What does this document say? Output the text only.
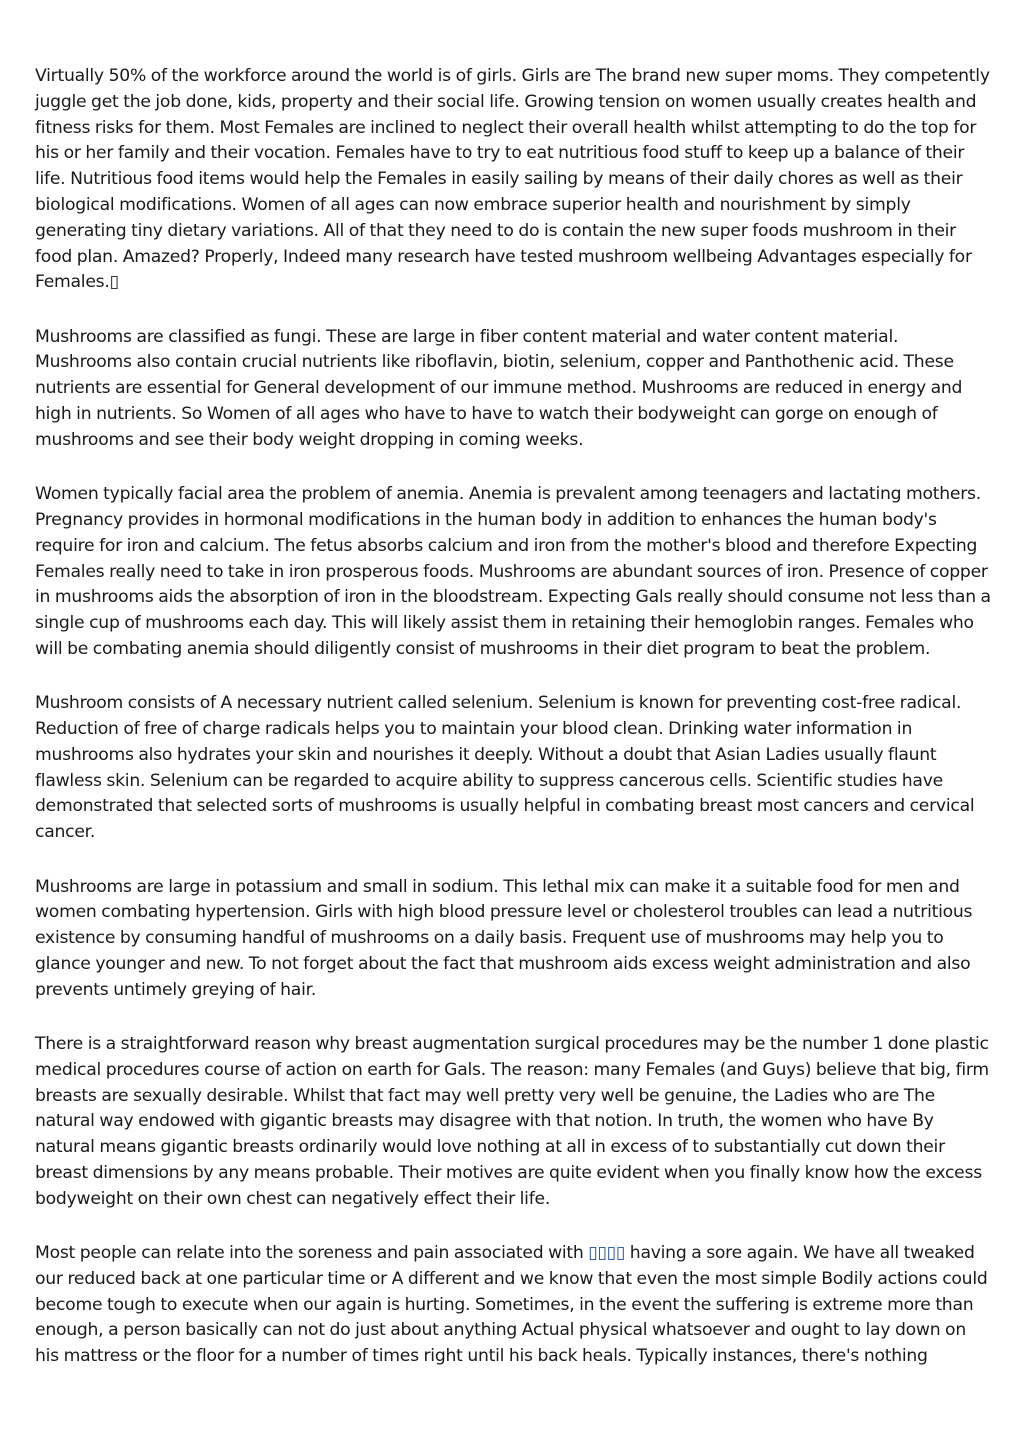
Virtually 50% of the workforce around the world is of girls. Girls are The brand new super moms. They competently juggle get the job done, kids, property and their social life. Growing tension on women usually creates health and fitness risks for them. Most Females are inclined to neglect their overall health whilst attempting to do the top for his or her family and their vocation. Females have to try to eat nutritious food stuff to keep up a balance of their life. Nutritious food items would help the Females in easily sailing by means of their daily chores as well as their biological modifications. Women of all ages can now embrace superior health and nourishment by simply generating tiny dietary variations. All of that they need to do is contain the new super foods mushroom in their food plan. Amazed? Properly, Indeed many research have tested mushroom wellbeing Advantages especially for Females.▯

Mushrooms are classified as fungi. These are large in fiber content material and water content material. Mushrooms also contain crucial nutrients like riboflavin, biotin, selenium, copper and Panthothenic acid. These nutrients are essential for General development of our immune method. Mushrooms are reduced in energy and high in nutrients. So Women of all ages who have to have to watch their bodyweight can gorge on enough of mushrooms and see their body weight dropping in coming weeks.

Women typically facial area the problem of anemia. Anemia is prevalent among teenagers and lactating mothers. Pregnancy provides in hormonal modifications in the human body in addition to enhances the human body's require for iron and calcium. The fetus absorbs calcium and iron from the mother's blood and therefore Expecting Females really need to take in iron prosperous foods. Mushrooms are abundant sources of iron. Presence of copper in mushrooms aids the absorption of iron in the bloodstream. Expecting Gals really should consume not less than a single cup of mushrooms each day. This will likely assist them in retaining their hemoglobin ranges. Females who will be combating anemia should diligently consist of mushrooms in their diet program to beat the problem.

Mushroom consists of A necessary nutrient called selenium. Selenium is known for preventing cost-free radical. Reduction of free of charge radicals helps you to maintain your blood clean. Drinking water information in mushrooms also hydrates your skin and nourishes it deeply. Without a doubt that Asian Ladies usually flaunt flawless skin. Selenium can be regarded to acquire ability to suppress cancerous cells. Scientific studies have demonstrated that selected sorts of mushrooms is usually helpful in combating breast most cancers and cervical cancer.

Mushrooms are large in potassium and small in sodium. This lethal mix can make it a suitable food for men and women combating hypertension. Girls with high blood pressure level or cholesterol troubles can lead a nutritious existence by consuming handful of mushrooms on a daily basis. Frequent use of mushrooms may help you to glance younger and new. To not forget about the fact that mushroom aids excess weight administration and also prevents untimely greying of hair.

There is a straightforward reason why breast augmentation surgical procedures may be the number 1 done plastic medical procedures course of action on earth for Gals. The reason: many Females (and Guys) believe that big, firm breasts are sexually desirable. Whilst that fact may well pretty very well be genuine, the Ladies who are The natural way endowed with gigantic breasts may disagree with that notion. In truth, the women who have By natural means gigantic breasts ordinarily would love nothing at all in excess of to substantially cut down their breast dimensions by any means probable. Their motives are quite evident when you finally know how the excess bodyweight on their own chest can negatively effect their life.

Most people can relate into the soreness and pain associated with ▯▯▯▯ having a sore again. We have all tweaked our reduced back at one particular time or A different and we know that even the most simple Bodily actions could become tough to execute when our again is hurting. Sometimes, in the event the suffering is extreme more than enough, a person basically can not do just about anything Actual physical whatsoever and ought to lay down on his mattress or the floor for a number of times right until his back heals. Typically instances, there's nothing
